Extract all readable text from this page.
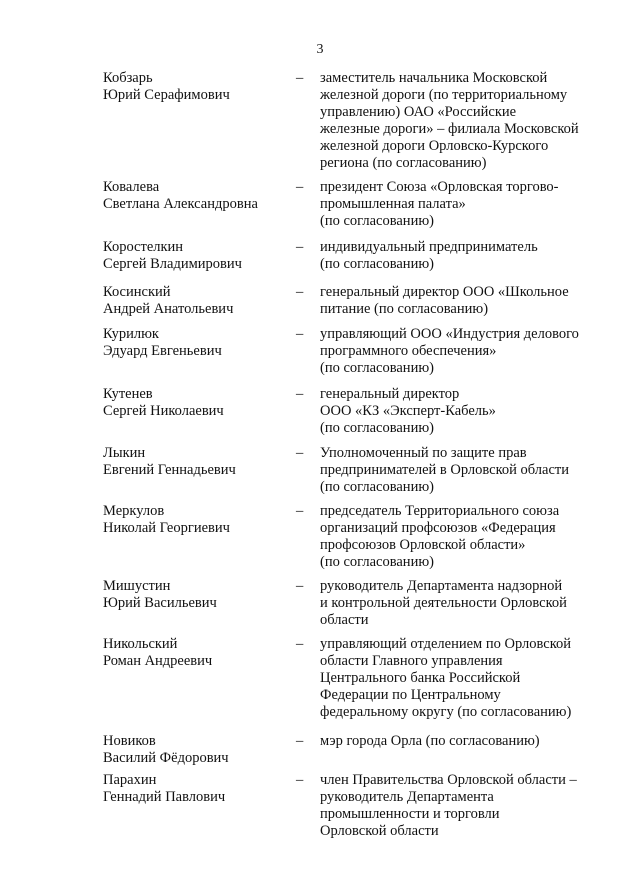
3
Кобзарь
Юрий Серафимович
–	заместитель начальника Московской
железной дороги (по территориальному
управлению) ОАО «Российские
железные дороги» – филиала Московской
железной дороги Орловско-Курского
региона (по согласованию)
Ковалева
Светлана Александровна
–	президент Союза «Орловская торгово-
промышленная палата»
(по согласованию)
Коростелкин
Сергей Владимирович
–	индивидуальный предприниматель
(по согласованию)
Косинский
Андрей Анатольевич
–	генеральный директор ООО «Школьное
питание (по согласованию)
Курилюк
Эдуард Евгеньевич
–	управляющий ООО «Индустрия делового
программного обеспечения»
(по согласованию)
Кутенев
Сергей Николаевич
–	генеральный директор
ООО «КЗ «Эксперт-Кабель»
(по согласованию)
Лыкин
Евгений Геннадьевич
–	Уполномоченный по защите прав
предпринимателей в Орловской области
(по согласованию)
Меркулов
Николай Георгиевич
–	председатель Территориального союза
организаций профсоюзов «Федерация
профсоюзов Орловской области»
(по согласованию)
Мишустин
Юрий Васильевич
–	руководитель Департамента надзорной
и контрольной деятельности Орловской
области
Никольский
Роман Андреевич
–	управляющий отделением по Орловской
области Главного управления
Центрального банка Российской
Федерации по Центральному
федеральному округу (по согласованию)
Новиков
Василий Фёдорович
–	мэр города Орла (по согласованию)
Парахин
Геннадий Павлович
–	член Правительства Орловской области –
руководитель Департамента
промышленности и торговли
Орловской области
